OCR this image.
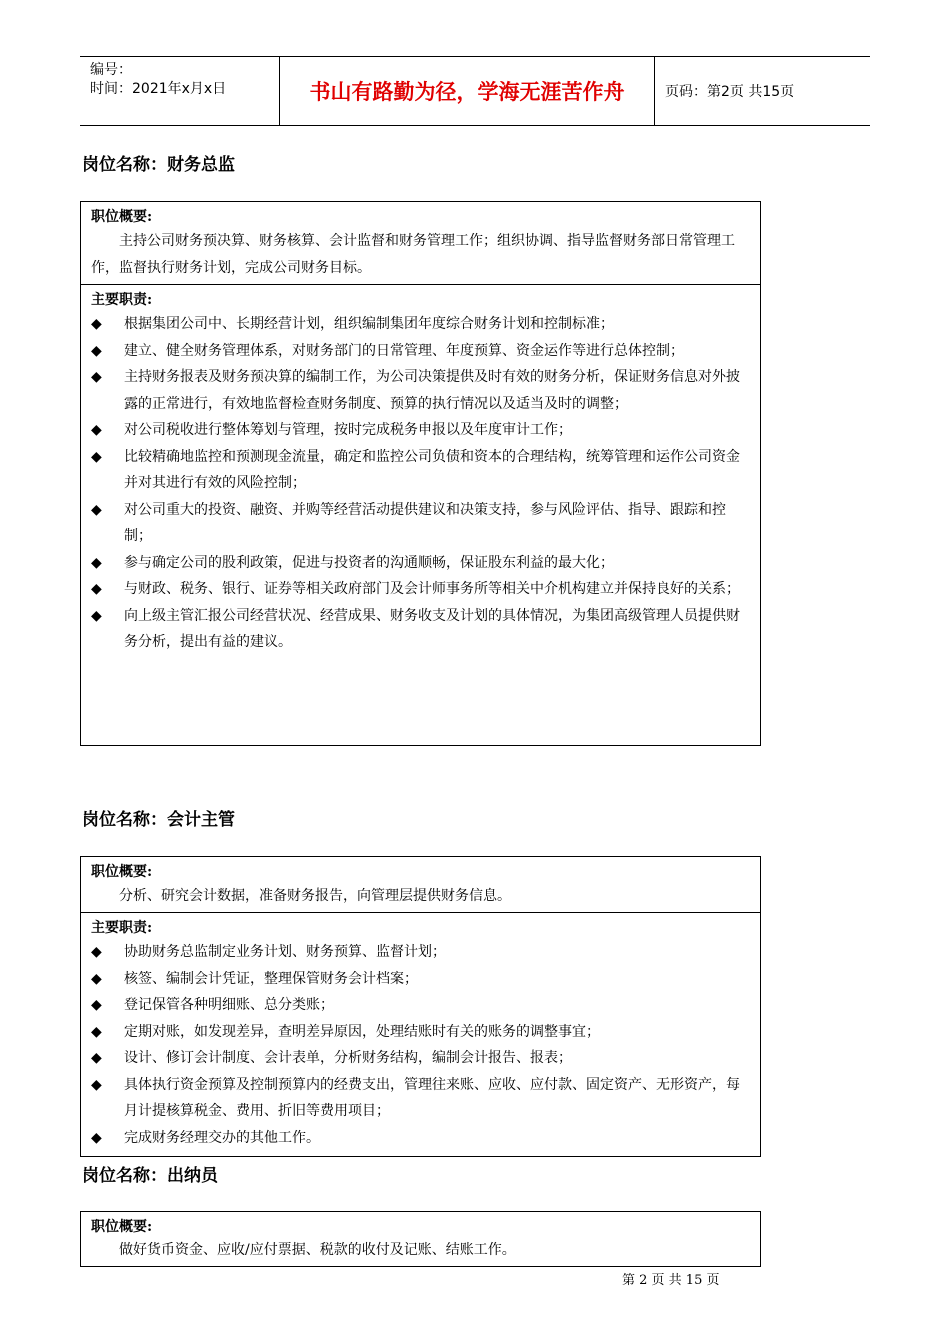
编号：
时间：2021年x月x日	书山有路勤为径，学海无涯苦作舟	页码：第2页 共15页
岗位名称：财务总监
职位概要:
主持公司财务预决算、财务核算、会计监督和财务管理工作；组织协调、指导监督财务部日常管理工作，监督执行财务计划，完成公司财务目标。
主要职责:
◆	根据集团公司中、长期经营计划，组织编制集团年度综合财务计划和控制标准；
◆	建立、健全财务管理体系，对财务部门的日常管理、年度预算、资金运作等进行总体控制；
◆	主持财务报表及财务预决算的编制工作，为公司决策提供及时有效的财务分析，保证财务信息对外披露的正常进行，有效地监督检查财务制度、预算的执行情况以及适当及时的调整；
◆	对公司税收进行整体筹划与管理，按时完成税务申报以及年度审计工作；
◆	比较精确地监控和预测现金流量，确定和监控公司负债和资本的合理结构，统筹管理和运作公司资金并对其进行有效的风险控制；
◆	对公司重大的投资、融资、并购等经营活动提供建议和决策支持，参与风险评估、指导、跟踪和控制；
◆	参与确定公司的股利政策，促进与投资者的沟通顺畅，保证股东利益的最大化；
◆	与财政、税务、银行、证券等相关政府部门及会计师事务所等相关中介机构建立并保持良好的关系；
◆	向上级主管汇报公司经营状况、经营成果、财务收支及计划的具体情况，为集团高级管理人员提供财务分析，提出有益的建议。
岗位名称：会计主管
职位概要:
分析、研究会计数据，准备财务报告，向管理层提供财务信息。
主要职责:
◆	协助财务总监制定业务计划、财务预算、监督计划；
◆	核签、编制会计凭证，整理保管财务会计档案；
◆	登记保管各种明细账、总分类账；
◆	定期对账，如发现差异，查明差异原因，处理结账时有关的账务的调整事宜；
◆	设计、修订会计制度、会计表单，分析财务结构，编制会计报告、报表；
◆	具体执行资金预算及控制预算内的经费支出，管理往来账、应收、应付款、固定资产、无形资产，每月计提核算税金、费用、折旧等费用项目；
◆	完成财务经理交办的其他工作。
岗位名称：出纳员
职位概要:
做好货币资金、应收/应付票据、税款的收付及记账、结账工作。
第 2 页 共 15 页
